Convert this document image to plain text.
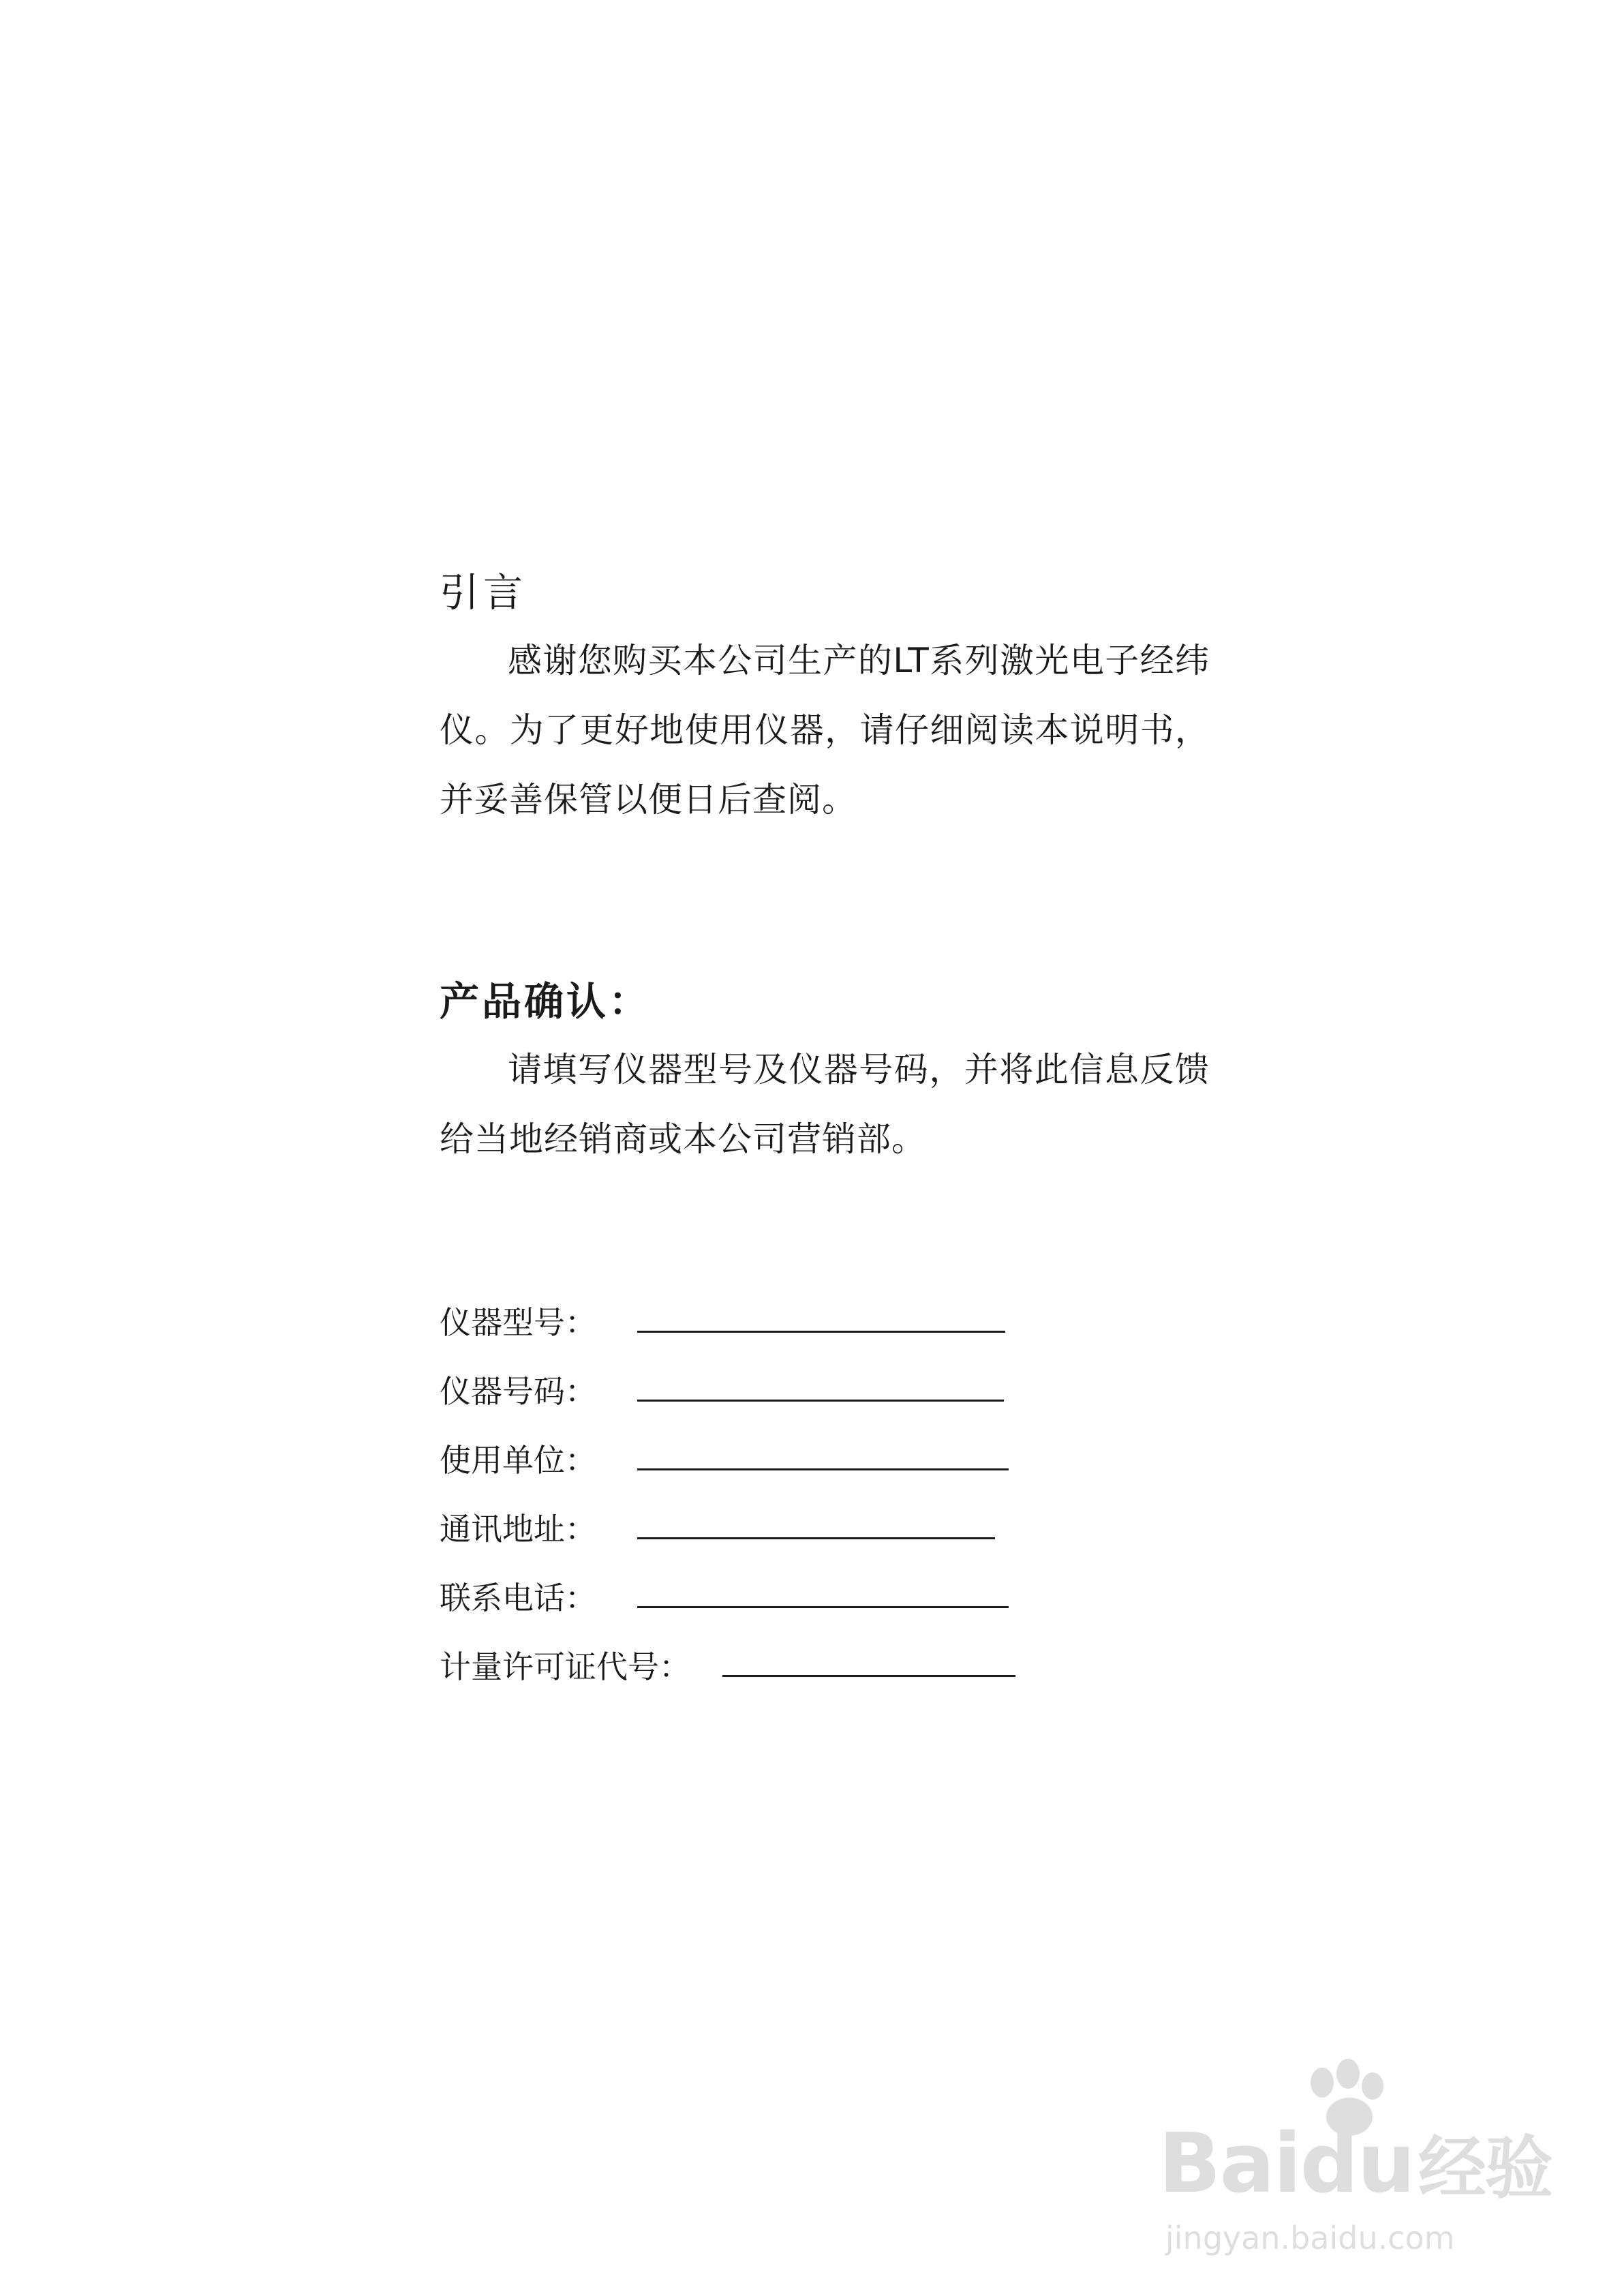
引言

感谢您购买本公司生产的LT系列激光电子经纬仪。为了更好地使用仪器，请仔细阅读本说明书，并妥善保管以便日后查阅。

产品确认：

请填写仪器型号及仪器号码，并将此信息反馈给当地经销商或本公司营销部。

仪器型号：
仪器号码：
使用单位：
通讯地址：
联系电话：
计量许可证代号：
Baidu经验
jingyan.baidu.com
